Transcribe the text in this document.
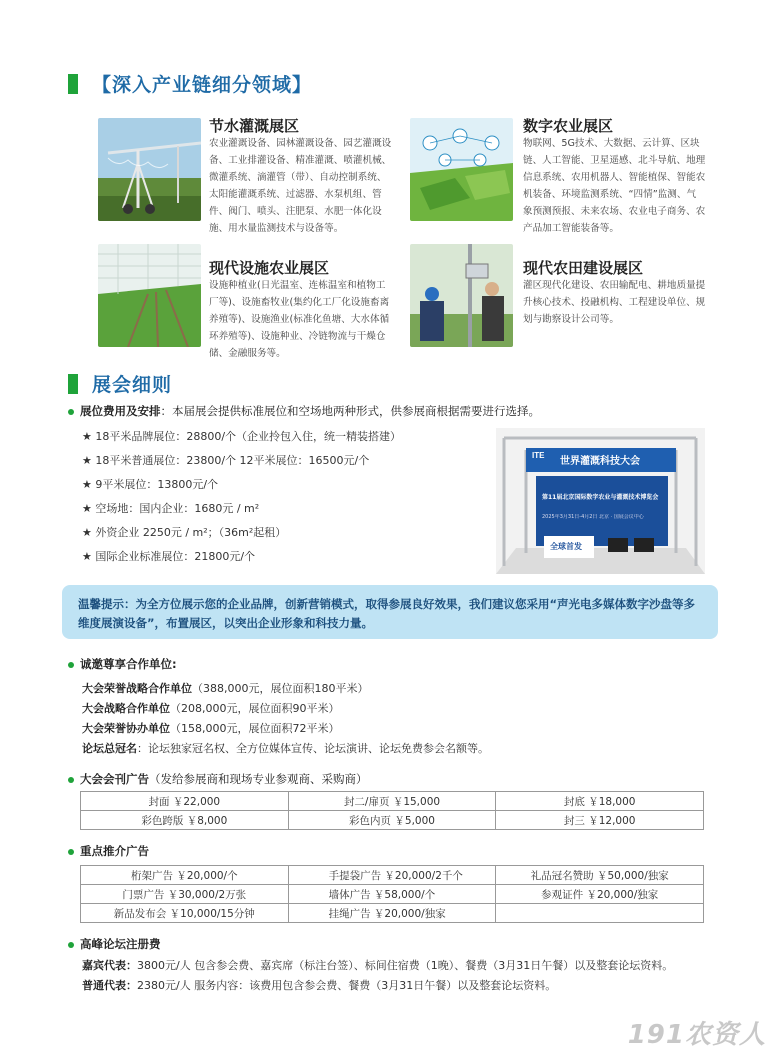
【深入产业链细分领域】
节水灌溉展区
农业灌溉设备、园林灌溉设备、园艺灌溉设
备、工业排灌设备、精准灌溉、喷灌机械、
微灌系统、滴灌管（带）、自动控制系统、
太阳能灌溉系统、过滤器、水泵机组、管
件、阀门、喷头、注肥泵、水肥一体化设
施、用水量监测技术与设备等。
数字农业展区
物联网、5G技术、大数据、云计算、区块
链、人工智能、卫星遥感、北斗导航、地理
信息系统、农用机器人、智能植保、智能农
机装备、环境监测系统、“四情”监测、气
象预测预报、未来农场、农业电子商务、农
产品加工智能装备等。
现代设施农业展区
设施种植业(日光温室、连栋温室和植物工
厂等)、设施畜牧业(集约化工厂化设施畜离
养殖等)、设施渔业(标准化鱼塘、大水体循
环养殖等)、设施种业、冷链物流与干燥仓
储、金融服务等。
现代农田建设展区
灌区现代化建设、农田输配电、耕地质量提
升核心技术、投融机构、工程建设单位、规
划与勘察设计公司等。
展会细则
展位费用及安排：本届展会提供标准展位和空场地两种形式，供参展商根据需要进行选择。
★ 18平米品牌展位：28800/个（企业拎包入住，统一精装搭建）
★ 18平米普通展位：23800/个 12平米展位：16500元/个
★ 9平米展位：13800元/个
★ 空场地：国内企业：1680元 / m²
★ 外资企业 2250元 / m²；（36m²起租）
★ 国际企业标准展位：21800元/个
ITE
世界灌溉科技大会
第11届北京国际数字农业与灌溉技术博览会
2025年3月31日-4月2日 北京 · 国展会议中心
全球首发
温馨提示：为全方位展示您的企业品牌，创新营销模式，取得参展良好效果，我们建议您采用“声光电多媒体数字沙盘等多维度展演设备”，布置展区，以突出企业形象和科技力量。
诚邀尊享合作单位:
大会荣誉战略合作单位（388,000元，展位面积180平米）
大会战略合作单位（208,000元，展位面积90平米）
大会荣誉协办单位（158,000元，展位面积72平米）
论坛总冠名：论坛独家冠名权、全方位媒体宣传、论坛演讲、论坛免费参会名额等。
大会会刊广告（发给参展商和现场专业参观商、采购商）
封面 ￥22,000	封二/扉页 ￥15,000	封底 ￥18,000
彩色跨版 ￥8,000	彩色内页 ￥5,000	封三 ￥12,000
重点推介广告
桁架广告 ￥20,000/个	手提袋广告 ￥20,000/2千个	礼品冠名赞助 ￥50,000/独家
门票广告 ￥30,000/2万张	墙体广告 ￥58,000/个	参观证件 ￥20,000/独家
新品发布会 ￥10,000/15分钟	挂绳广告 ￥20,000/独家	
高峰论坛注册费
嘉宾代表：3800元/人 包含参会费、嘉宾席（标注台签）、标间住宿费（1晚）、餐费（3月31日午餐）以及整套论坛资料。
普通代表：2380元/人 服务内容：该费用包含参会费、餐费（3月31日午餐）以及整套论坛资料。
191农资人
